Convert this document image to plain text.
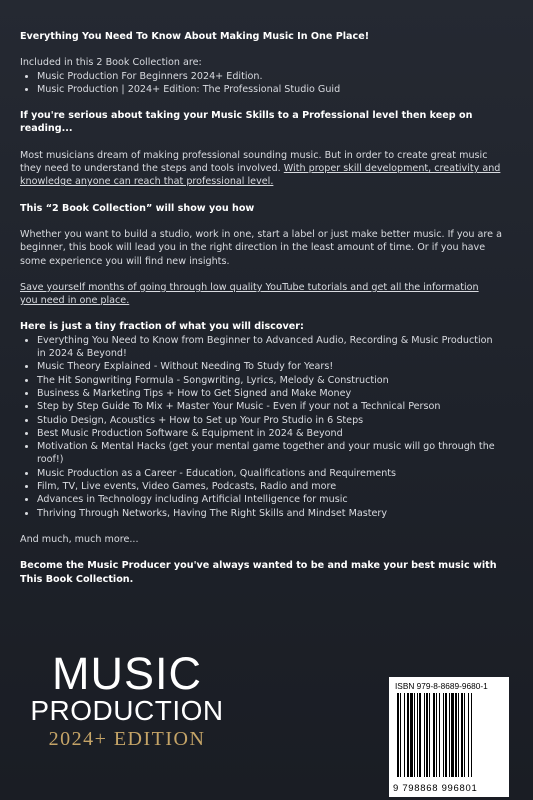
Everything You Need To Know About Making Music In One Place!

Included in this 2 Book Collection are:

• Music Production For Beginners 2024+ Edition.
• Music Production | 2024+ Edition: The Professional Studio Guid

If you're serious about taking your Music Skills to a Professional level then keep on
reading...

Most musicians dream of making professional sounding music. But in order to create great music they need to understand the steps and tools involved. With proper skill development, creativity and knowledge anyone can reach that professional level.

This “2 Book Collection” will show you how

Whether you want to build a studio, work in one, start a label or just make better music. If you are a beginner, this book will lead you in the right direction in the least amount of time. Or if you have some experience you will find new insights.

Save yourself months of going through low quality YouTube tutorials and get all the information
you need in one place.

Here is just a tiny fraction of what you will discover:

• Everything You Need to Know from Beginner to Advanced Audio, Recording & Music Production in 2024 & Beyond!
• Music Theory Explained - Without Needing To Study for Years!
• The Hit Songwriting Formula - Songwriting, Lyrics, Melody & Construction
• Business & Marketing Tips + How to Get Signed and Make Money
• Step by Step Guide To Mix + Master Your Music - Even if your not a Technical Person
• Studio Design, Acoustics + How to Set up Your Pro Studio in 6 Steps
• Best Music Production Software & Equipment in 2024 & Beyond
• Motivation & Mental Hacks (get your mental game together and your music will go through the roof!)
• Music Production as a Career - Education, Qualifications and Requirements
• Film, TV, Live events, Video Games, Podcasts, Radio and more
• Advances in Technology including Artificial Intelligence for music
• Thriving Through Networks, Having The Right Skills and Mindset Mastery

And much, much more...

Become the Music Producer you've always wanted to be and make your best music with
This Book Collection.

MUSIC
PRODUCTION
2024+ EDITION
ISBN 979-8-8689-9680-1
9 798868 996801
